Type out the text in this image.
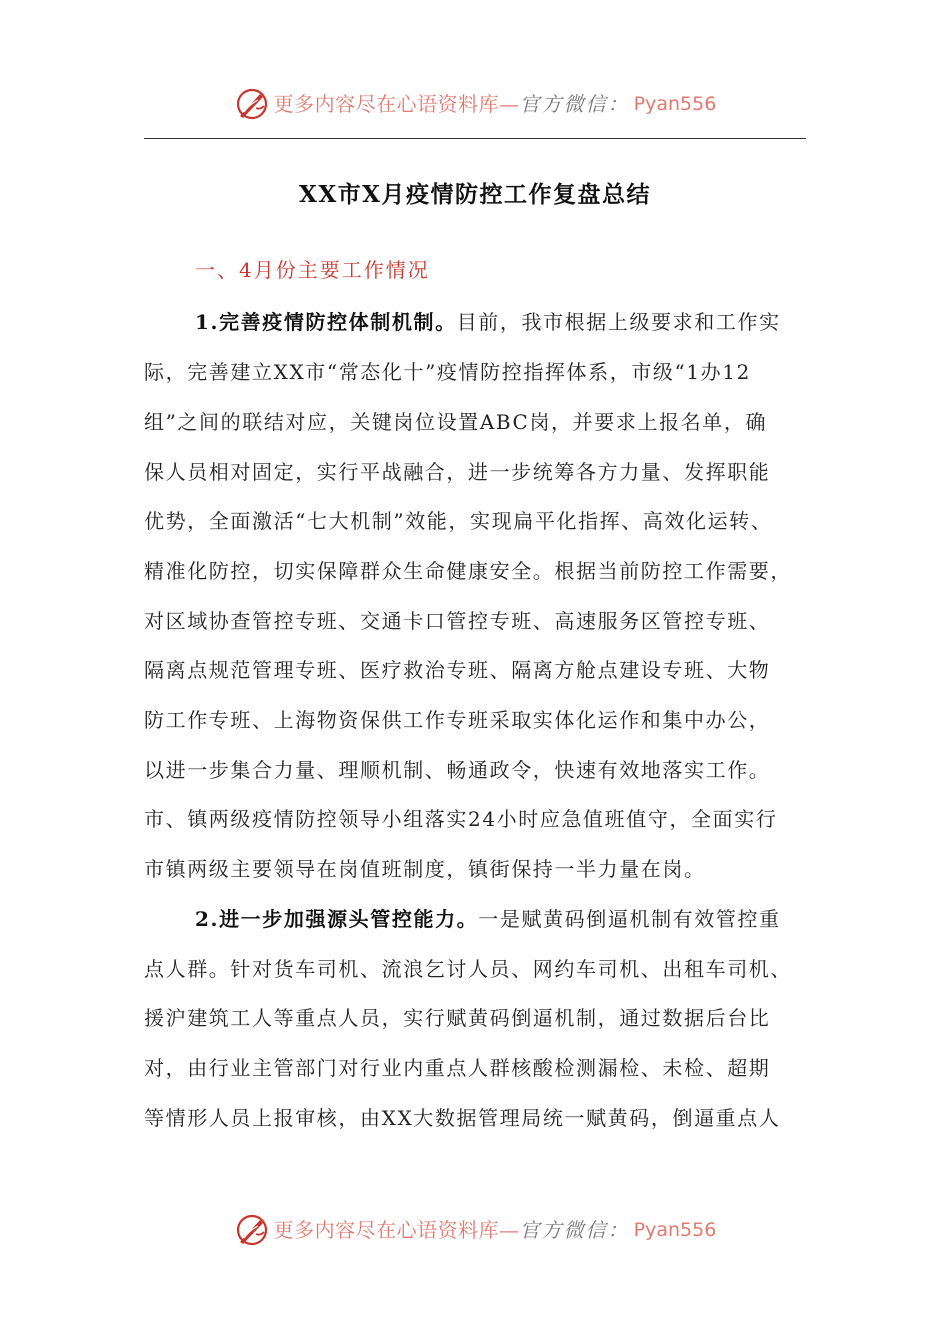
更多内容尽在心语资料库— 官方微信： Pyan556
XX市X月疫情防控工作复盘总结
一、4月份主要工作情况
1.完善疫情防控体制机制。目前，我市根据上级要求和工作实
际，完善建立XX市“常态化十”疫情防控指挥体系，市级“1办12
组”之间的联结对应，关键岗位设置ABC岗，并要求上报名单，确
保人员相对固定，实行平战融合，进一步统筹各方力量、发挥职能
优势，全面激活“七大机制”效能，实现扁平化指挥、高效化运转、
精准化防控，切实保障群众生命健康安全。根据当前防控工作需要，
对区域协查管控专班、交通卡口管控专班、高速服务区管控专班、
隔离点规范管理专班、医疗救治专班、隔离方舱点建设专班、大物
防工作专班、上海物资保供工作专班采取实体化运作和集中办公，
以进一步集合力量、理顺机制、畅通政令，快速有效地落实工作。
市、镇两级疫情防控领导小组落实24小时应急值班值守，全面实行
市镇两级主要领导在岗值班制度，镇街保持一半力量在岗。
2.进一步加强源头管控能力。一是赋黄码倒逼机制有效管控重
点人群。针对货车司机、流浪乞讨人员、网约车司机、出租车司机、
援沪建筑工人等重点人员，实行赋黄码倒逼机制，通过数据后台比
对，由行业主管部门对行业内重点人群核酸检测漏检、未检、超期
等情形人员上报审核，由XX大数据管理局统一赋黄码，倒逼重点人
更多内容尽在心语资料库— 官方微信： Pyan556
